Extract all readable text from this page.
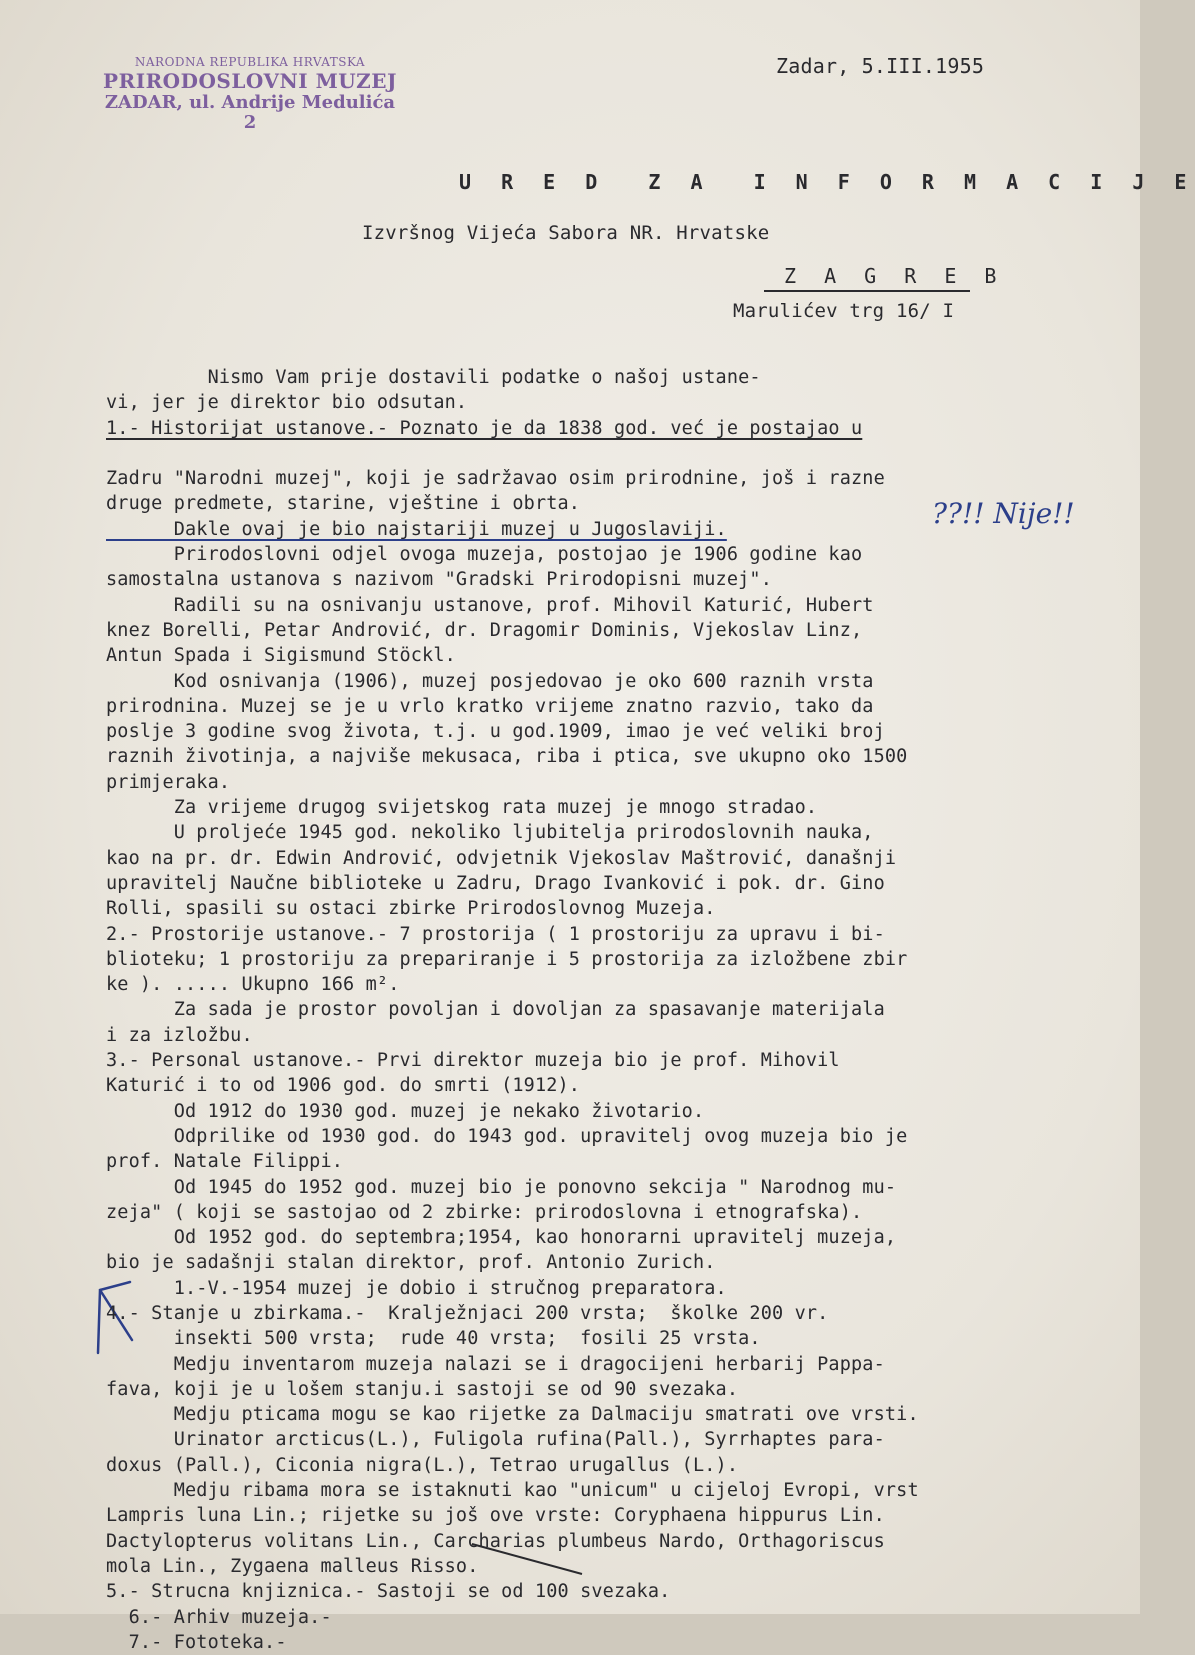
NARODNA REPUBLIKA HRVATSKA
PRIRODOSLOVNI MUZEJ
ZADAR, ul. Andrije Medulića 2
Zadar, 5.III.1955
U R E D  Z A  I N F O R M A C I J E
Izvršnog Vijeća Sabora NR. Hrvatske
Z A G R E B
Marulićev trg 16/ I
??!! Nije!!
Nismo Vam prije dostavili podatke o našoj ustane-
vi, jer je direktor bio odsutan.
1.- Historijat ustanove.- Poznato je da 1838 god. već je postajao u
Zadru "Narodni muzej", koji je sadržavao osim prirodnine, još i razne
druge predmete, starine, vještine i obrta.
Dakle ovaj je bio najstariji muzej u Jugoslaviji.
Prirodoslovni odjel ovoga muzeja, postojao je 1906 godine kao
samostalna ustanova s nazivom "Gradski Prirodopisni muzej".
Radili su na osnivanju ustanove, prof. Mihovil Katurić, Hubert
knez Borelli, Petar Andrović, dr. Dragomir Dominis, Vjekoslav Linz,
Antun Spada i Sigismund Stöckl.
Kod osnivanja (1906), muzej posjedovao je oko 600 raznih vrsta
prirodnina. Muzej se je u vrlo kratko vrijeme znatno razvio, tako da
poslje 3 godine svog života, t.j. u god.1909, imao je već veliki broj
raznih životinja, a najviše mekusaca, riba i ptica, sve ukupno oko 1500
primjeraka.
Za vrijeme drugog svijetskog rata muzej je mnogo stradao.
U proljeće 1945 god. nekoliko ljubitelja prirodoslovnih nauka,
kao na pr. dr. Edwin Andrović, odvjetnik Vjekoslav Maštrović, današnji
upravitelj Naučne biblioteke u Zadru, Drago Ivanković i pok. dr. Gino
Rolli, spasili su ostaci zbirke Prirodoslovnog Muzeja.
2.- Prostorije ustanove.- 7 prostorija ( 1 prostoriju za upravu i bi-
blioteku; 1 prostoriju za prepariranje i 5 prostorija za izložbene zbir
ke ). ..... Ukupno 166 m².
Za sada je prostor povoljan i dovoljan za spasavanje materijala
i za izložbu.
3.- Personal ustanove.- Prvi direktor muzeja bio je prof. Mihovil
Katurić i to od 1906 god. do smrti (1912).
Od 1912 do 1930 god. muzej je nekako životario.
Odprilike od 1930 god. do 1943 god. upravitelj ovog muzeja bio je
prof. Natale Filippi.
Od 1945 do 1952 god. muzej bio je ponovno sekcija " Narodnog mu-
zeja" ( koji se sastojao od 2 zbirke: prirodoslovna i etnografska).
Od 1952 god. do septembra;1954, kao honorarni upravitelj muzeja,
bio je sadašnji stalan direktor, prof. Antonio Zurich.
1.-V.-1954 muzej je dobio i stručnog preparatora.
4.- Stanje u zbirkama.-  Kralježnjaci 200 vrsta;  školke 200 vr.
insekti 500 vrsta;  rude 40 vrsta;  fosili 25 vrsta.
Medju inventarom muzeja nalazi se i dragocijeni herbarij Pappa-
fava, koji je u lošem stanju.i sastoji se od 90 svezaka.
Medju pticama mogu se kao rijetke za Dalmaciju smatrati ove vrsti.
Urinator arcticus(L.), Fuligola rufina(Pall.), Syrrhaptes para-
doxus (Pall.), Ciconia nigra(L.), Tetrao urugallus (L.).
Medju ribama mora se istaknuti kao "unicum" u cijeloj Evropi, vrst
Lampris luna Lin.; rijetke su još ove vrste: Coryphaena hippurus Lin.
Dactylopterus volitans Lin., Carcharias plumbeus Nardo, Orthagoriscus
mola Lin., Zygaena malleus Risso.
5.- Strucna knjiznica.- Sastoji se od 100 svezaka.
6.- Arhiv muzeja.-
7.- Fototeka.-
